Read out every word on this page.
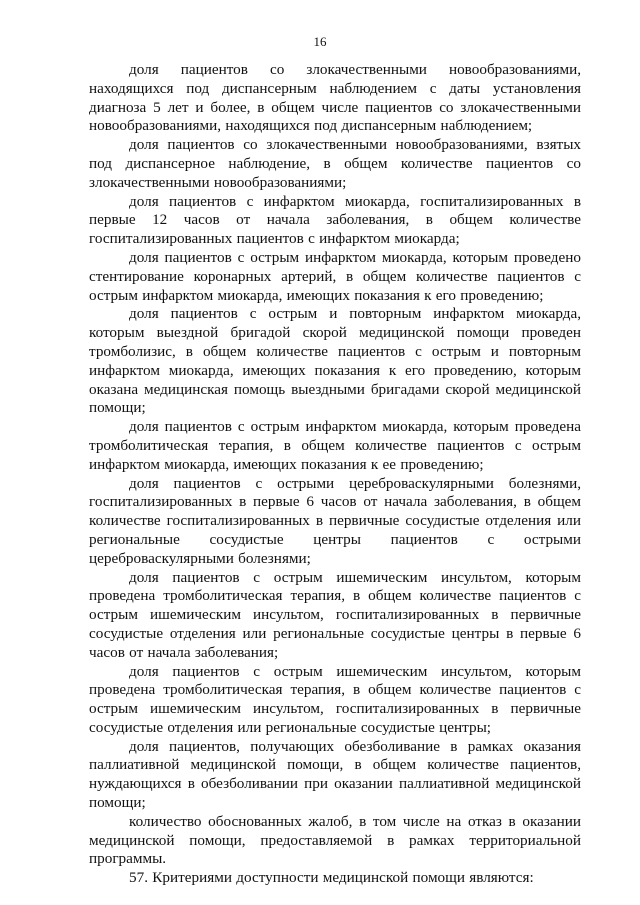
16

доля пациентов со злокачественными новообразованиями, находящихся под диспансерным наблюдением с даты установления диагноза 5 лет и более, в общем числе пациентов со злокачественными новообразованиями, находящихся под диспансерным наблюдением;

доля пациентов со злокачественными новообразованиями, взятых под диспансерное наблюдение, в общем количестве пациентов со злокачественными новообразованиями;

доля пациентов с инфарктом миокарда, госпитализированных в первые 12 часов от начала заболевания, в общем количестве госпитализированных пациентов с инфарктом миокарда;

доля пациентов с острым инфарктом миокарда, которым проведено стентирование коронарных артерий, в общем количестве пациентов с острым инфарктом миокарда, имеющих показания к его проведению;

доля пациентов с острым и повторным инфарктом миокарда, которым выездной бригадой скорой медицинской помощи проведен тромболизис, в общем количестве пациентов с острым и повторным инфарктом миокарда, имеющих показания к его проведению, которым оказана медицинская помощь выездными бригадами скорой медицинской помощи;

доля пациентов с острым инфарктом миокарда, которым проведена тромболитическая терапия, в общем количестве пациентов с острым инфарктом миокарда, имеющих показания к ее проведению;

доля пациентов с острыми цереброваскулярными болезнями, госпитализированных в первые 6 часов от начала заболевания, в общем количестве госпитализированных в первичные сосудистые отделения или региональные сосудистые центры пациентов с острыми цереброваскулярными болезнями;

доля пациентов с острым ишемическим инсультом, которым проведена тромболитическая терапия, в общем количестве пациентов с острым ишемическим инсультом, госпитализированных в первичные сосудистые отделения или региональные сосудистые центры в первые 6 часов от начала заболевания;

доля пациентов с острым ишемическим инсультом, которым проведена тромболитическая терапия, в общем количестве пациентов с острым ишемическим инсультом, госпитализированных в первичные сосудистые отделения или региональные сосудистые центры;

доля пациентов, получающих обезболивание в рамках оказания паллиативной медицинской помощи, в общем количестве пациентов, нуждающихся в обезболивании при оказании паллиативной медицинской помощи;

количество обоснованных жалоб, в том числе на отказ в оказании медицинской помощи, предоставляемой в рамках территориальной программы.

57. Критериями доступности медицинской помощи являются:
